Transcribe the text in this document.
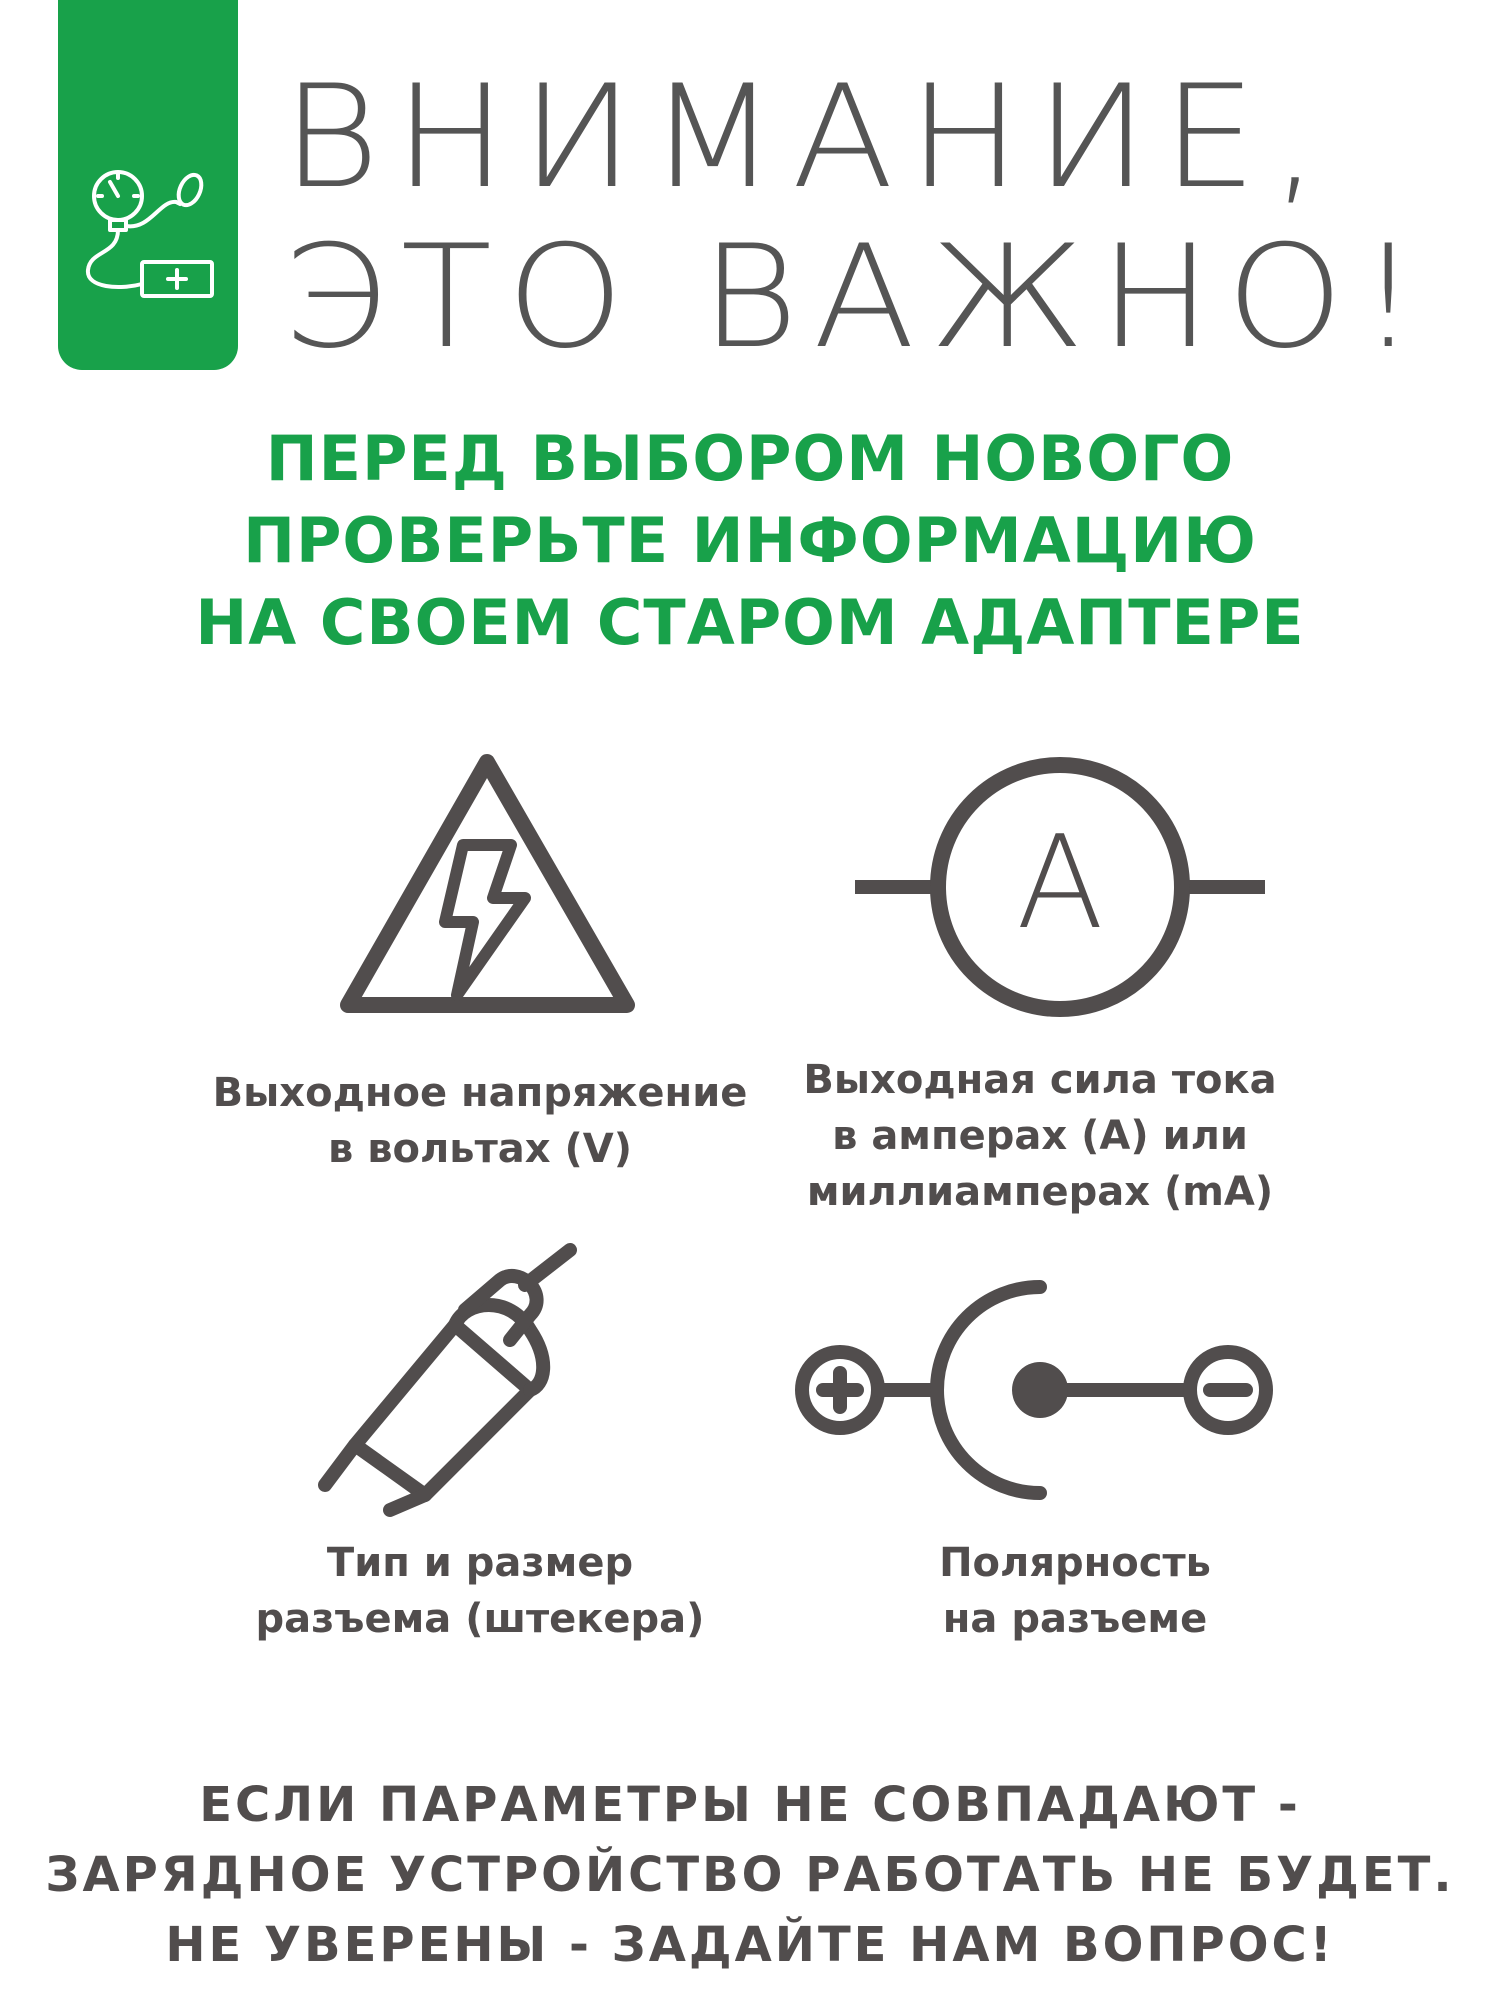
ВНИМАНИЕ,
ЭТО ВАЖНО!
ПЕРЕД ВЫБОРОМ НОВОГО
ПРОВЕРЬТЕ ИНФОРМАЦИЮ
НА СВОЕМ СТАРОМ АДАПТЕРЕ
Выходное напряжение
в вольтах (V)
A
Выходная сила тока
в амперах (A) или
миллиамперах (mA)
Тип и размер
разъема (штекера)
Полярность
на разъеме
ЕСЛИ ПАРАМЕТРЫ НЕ СОВПАДАЮТ -
ЗАРЯДНОЕ УСТРОЙСТВО РАБОТАТЬ НЕ БУДЕТ.
НЕ УВЕРЕНЫ - ЗАДАЙТЕ НАМ ВОПРОС!
